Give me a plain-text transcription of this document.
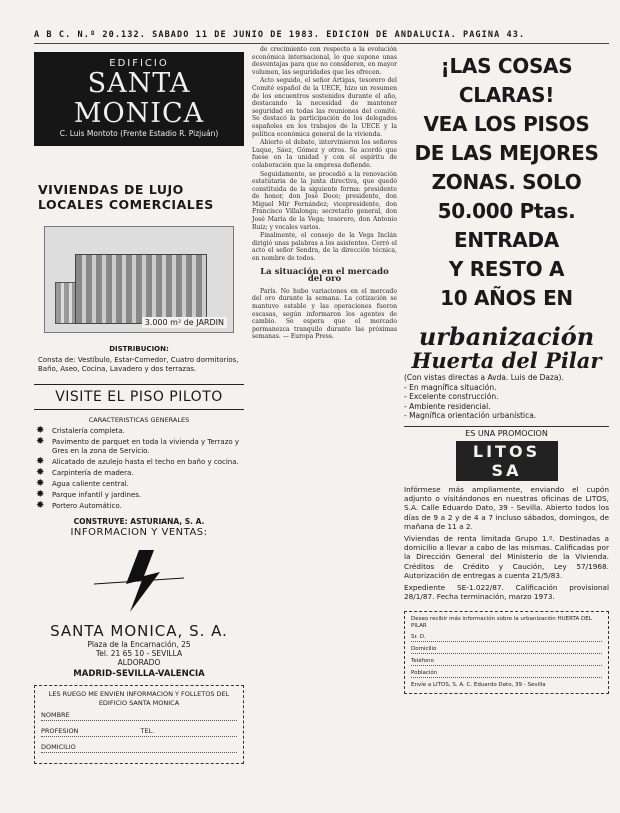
A B C. N.º 20.132. SABADO 11 DE JUNIO DE 1983. EDICION DE ANDALUCIA. PAGINA 43.
EDIFICIO
SANTA MONICA
C. Luis Montoto (Frente Estadio R. Pizjuán)
VIVIENDAS DE LUJO
LOCALES COMERCIALES
3.000 m² de JARDIN
DISTRIBUCION:
Consta de: Vestíbulo, Estar-Comedor, Cuatro dormitorios, Baño, Aseo, Cocina, Lavadero y dos terrazas.
VISITE EL PISO PILOTO
CARACTERISTICAS GENERALES
✸ Cristalería completa.
✸ Pavimento de parquet en toda la vivienda y Terrazo y Gres en la zona de Servicio.
✸ Alicatado de azulejo hasta el techo en baño y cocina.
✸ Carpintería de madera.
✸ Agua caliente central.
✸ Parque infantil y jardines.
✸ Portero Automático.
CONSTRUYE: ASTURIANA, S. A.
INFORMACION Y VENTAS:
SANTA MONICA, S. A.
Plaza de la Encarnación, 25
Tel. 21 65 10 - SEVILLA
ALDORADO
MADRID-SEVILLA-VALENCIA
LES RUEGO ME ENVIEN INFORMACION Y FOLLETOS DEL EDIFICIO SANTA MONICA
NOMBRE
PROFESION	TEL.
DOMICILIO

de crecimiento con respecto a la evolución económica internacional, lo que supone unas desventajas para que no consideren, en mayor volumen, las seguridades que les ofrecen.

Acto seguido, el señor Artigas, tesorero del Comité español de la UECE, hizo un resumen de los encuentros sostenidos durante el año, destacando la necesidad de mantener seguridad en todas las reuniones del comité. Se destacó la participación de los delegados españoles en los trabajos de la UECE y la política económica general de la vivienda.

Abierto el debate, intervinieron los señores Luque, Sáez, Gómez y otros. Se acordó que fuese en la unidad y con el espíritu de colaboración que la empresa defiende.

Seguidamente, se procedió a la renovación estatutaria de la junta directiva, que quedó constituida de la siguiente forma: presidente de honor, don José Doce; presidente, don Miguel Mir Fernández; vicepresidente, don Francisco Villalonga; secretario general, don José María de la Vega; tesorero, don Antonio Ruiz; y vocales varios.

Finalmente, el consejo de la Vega Inclán dirigió unas palabras a los asistentes. Cerró el acto el señor Sendra, de la dirección técnica, en nombre de todos.

La situación en el mercado del oro

París. No hubo variaciones en el mercado del oro durante la semana. La cotización se mantuvo estable y las operaciones fueron escasas, según informaron los agentes de cambio. Se espera que el mercado permanezca tranquilo durante las próximas semanas. — Europa Press.

¡LAS COSAS
CLARAS!
VEA LOS PISOS
DE LAS MEJORES
ZONAS. SOLO
50.000 Ptas.
ENTRADA
Y RESTO A
10 AÑOS EN
urbanización
Huerta del Pilar
(Con vistas directas a Avda. Luis de Daza).
- En magnífica situación.
- Excelente construcción.
- Ambiente residencial.
- Magnífica orientación urbanística.
ES UNA PROMOCION
LITOS SA
Infórmese más ampliamente, enviando el cupón adjunto o visitándonos en nuestras oficinas de LITOS, S.A. Calle Eduardo Dato, 39 - Sevilla. Abierto todos los días de 9 a 2 y de 4 a 7 incluso sábados, domingos, de mañana de 11 a 2.
Viviendas de renta limitada Grupo 1.º. Destinadas a domicilio a llevar a cabo de las mismas. Calificadas por la Dirección General del Ministerio de la Vivienda. Créditos de Crédito y Caución, Ley 57/1968. Autorización de entregas a cuenta 21/5/83.
Expediente SE-1.022/87. Calificación provisional 28/1/87. Fecha terminación, marzo 1973.
Deseo recibir más información sobre la urbanización HUERTA DEL PILAR
Sr. D.
Domicilio
Teléfono
Población
Envíe a LITOS, S. A. C. Eduardo Dato, 39 - Sevilla
